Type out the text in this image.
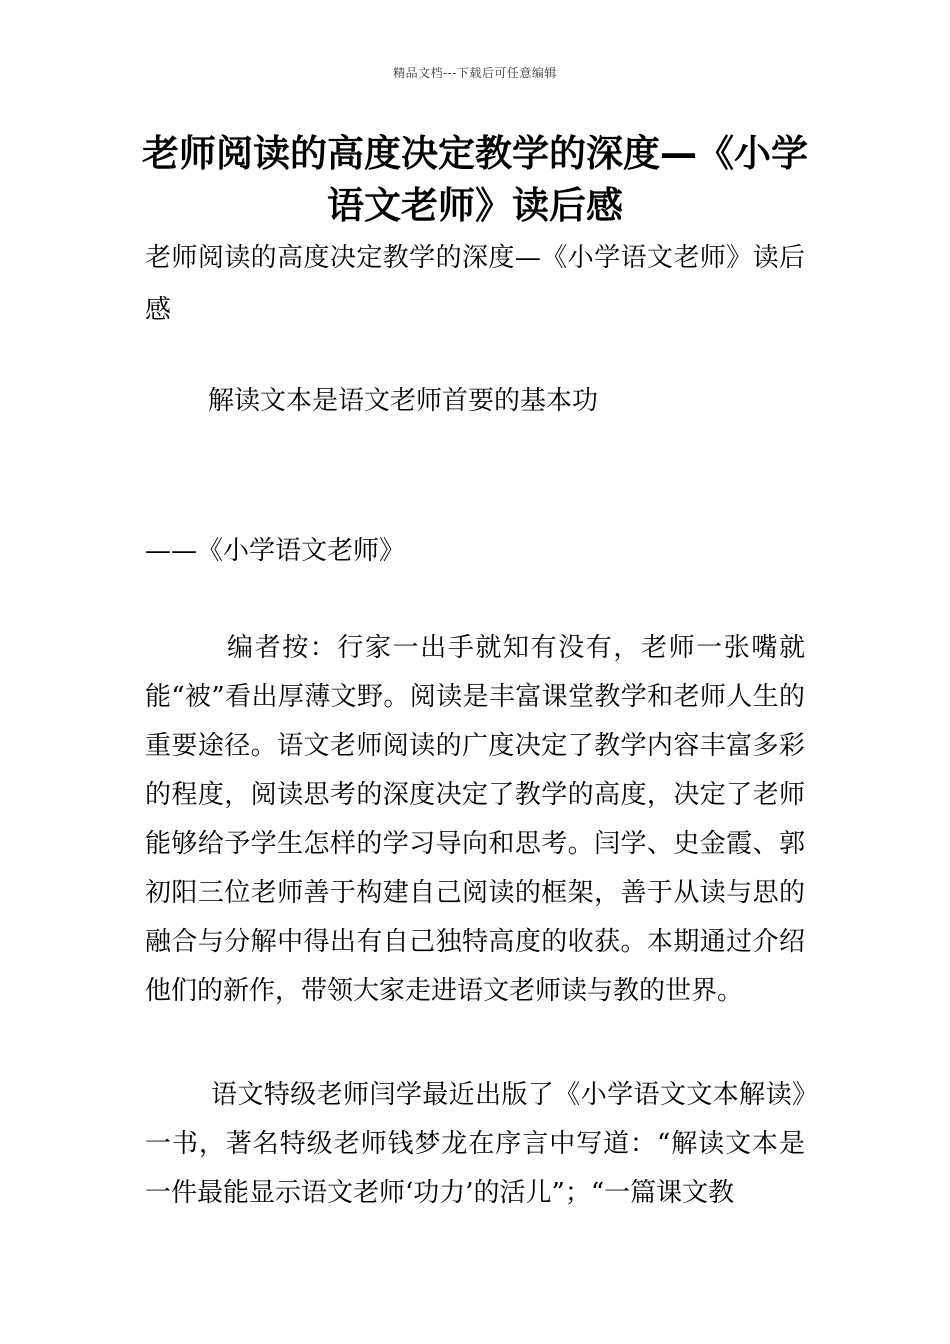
精品文档---下载后可任意编辑
老师阅读的高度决定教学的深度—《小学语文老师》读后感

老师阅读的高度决定教学的深度—《小学语文老师》读后感

解读文本是语文老师首要的基本功

——《小学语文老师》

编者按：行家一出手就知有没有，老师一张嘴就能“被”看出厚薄文野。阅读是丰富课堂教学和老师人生的重要途径。语文老师阅读的广度决定了教学内容丰富多彩的程度，阅读思考的深度决定了教学的高度，决定了老师能够给予学生怎样的学习导向和思考。闫学、史金霞、郭初阳三位老师善于构建自己阅读的框架，善于从读与思的融合与分解中得出有自己独特高度的收获。本期通过介绍他们的新作，带领大家走进语文老师读与教的世界。

语文特级老师闫学最近出版了《小学语文文本解读》一书，著名特级老师钱梦龙在序言中写道：“解读文本是一件最能显示语文老师‘功力’的活儿”；“一篇课文教
